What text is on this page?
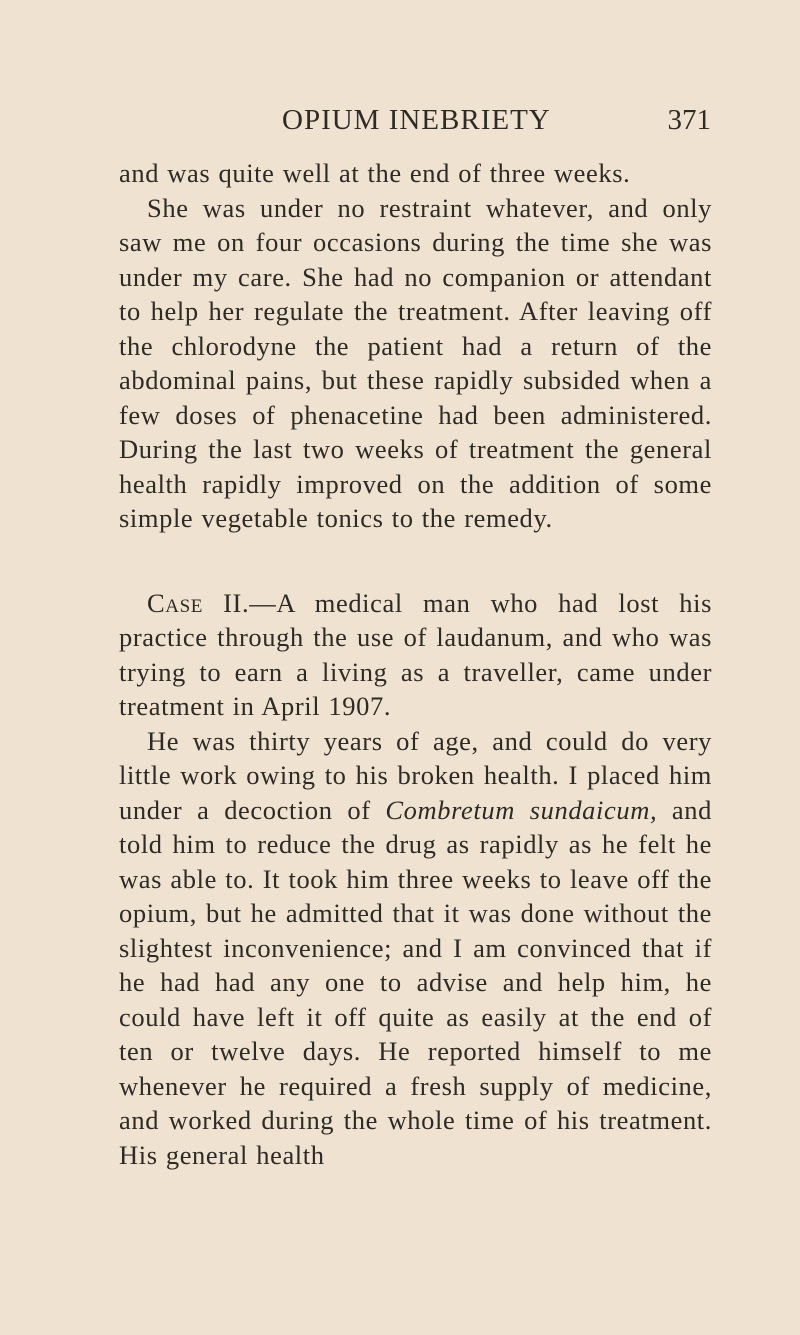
OPIUM INEBRIETY	371

and was quite well at the end of three weeks.

She was under no restraint whatever, and only saw me on four occasions during the time she was under my care. She had no companion or attendant to help her regulate the treatment. After leaving off the chlorodyne the patient had a return of the abdominal pains, but these rapidly subsided when a few doses of phenacetine had been administered. During the last two weeks of treatment the general health rapidly improved on the addition of some simple vegetable tonics to the remedy.

Case II.—A medical man who had lost his practice through the use of laudanum, and who was trying to earn a living as a traveller, came under treatment in April 1907.

He was thirty years of age, and could do very little work owing to his broken health. I placed him under a decoction of Combretum sundaicum, and told him to reduce the drug as rapidly as he felt he was able to. It took him three weeks to leave off the opium, but he admitted that it was done without the slightest inconvenience; and I am convinced that if he had had any one to advise and help him, he could have left it off quite as easily at the end of ten or twelve days. He reported himself to me whenever he required a fresh supply of medicine, and worked during the whole time of his treatment. His general health
